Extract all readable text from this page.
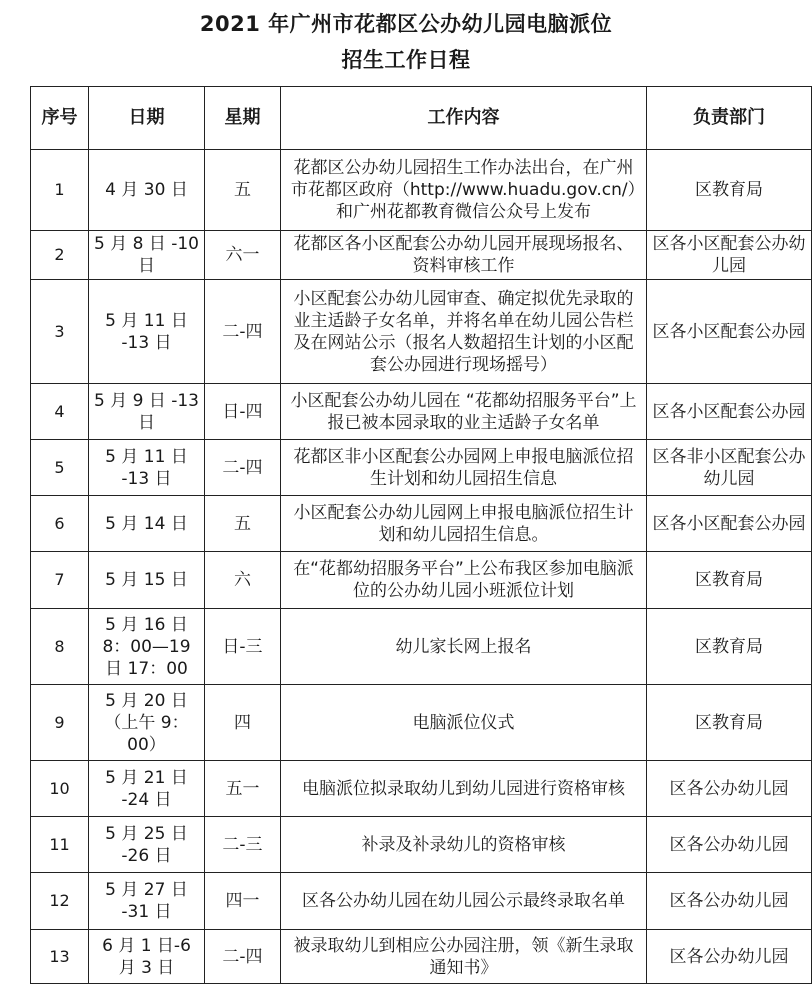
2021 年广州市花都区公办幼儿园电脑派位
招生工作日程
序号	日期	星期	工作内容	负责部门
1	4 月 30 日	五	花都区公办幼儿园招生工作办法出台，在广州市花都区政府（http://www.huadu.gov.cn/）和广州花都教育微信公众号上发布	区教育局
2	5 月 8 日 -10 日	六一	花都区各小区配套公办幼儿园开展现场报名、资料审核工作	区各小区配套公办幼儿园
3	5 月 11 日 -13 日	二-四	小区配套公办幼儿园审查、确定拟优先录取的业主适龄子女名单，并将名单在幼儿园公告栏及在网站公示（报名人数超招生计划的小区配套公办园进行现场摇号）	区各小区配套公办园
4	5 月 9 日 -13 日	日-四	小区配套公办幼儿园在 “花都幼招服务平台”上报已被本园录取的业主适龄子女名单	区各小区配套公办园
5	5 月 11 日 -13 日	二-四	花都区非小区配套公办园网上申报电脑派位招生计划和幼儿园招生信息	区各非小区配套公办幼儿园
6	5 月 14 日	五	小区配套公办幼儿园网上申报电脑派位招生计划和幼儿园招生信息。	区各小区配套公办园
7	5 月 15 日	六	在“花都幼招服务平台”上公布我区参加电脑派位的公办幼儿园小班派位计划	区教育局
8	5 月 16 日 8：00—19 日 17：00	日-三	幼儿家长网上报名	区教育局
9	5 月 20 日 （上午 9：00）	四	电脑派位仪式	区教育局
10	5 月 21 日 -24 日	五一	电脑派位拟录取幼儿到幼儿园进行资格审核	区各公办幼儿园
11	5 月 25 日 -26 日	二-三	补录及补录幼儿的资格审核	区各公办幼儿园
12	5 月 27 日 -31 日	四一	区各公办幼儿园在幼儿园公示最终录取名单	区各公办幼儿园
13	6 月 1 日-6 月 3 日	二-四	被录取幼儿到相应公办园注册，领《新生录取通知书》	区各公办幼儿园
